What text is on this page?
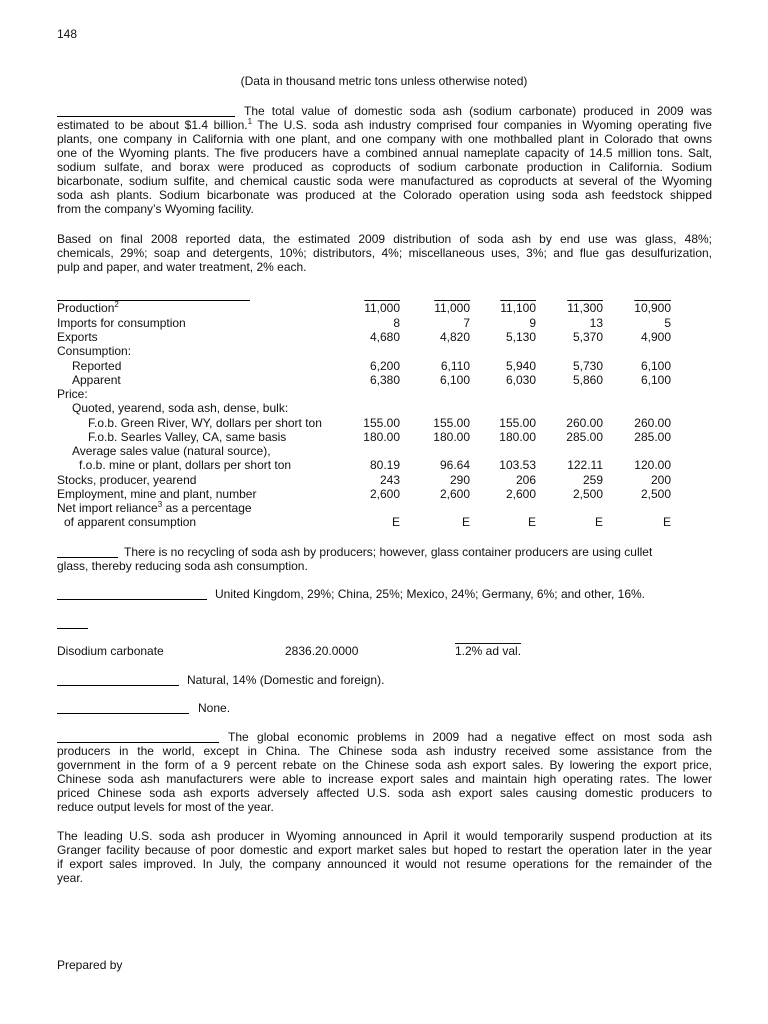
148
(Data in thousand metric tons unless otherwise noted)
The total value of domestic soda ash (sodium carbonate) produced in 2009 was
estimated to be about $1.4 billion.$^1$ The U.S. soda ash industry comprised four companies in Wyoming operating five
plants, one company in California with one plant, and one company with one mothballed plant in Colorado that owns
one of the Wyoming plants. The five producers have a combined annual nameplate capacity of 14.5 million tons. Salt,
sodium sulfate, and borax were produced as coproducts of sodium carbonate production in California. Sodium
bicarbonate, sodium sulfite, and chemical caustic soda were manufactured as coproducts at several of the Wyoming
soda ash plants. Sodium bicarbonate was produced at the Colorado operation using soda ash feedstock shipped
from the company’s Wyoming facility.
Based on final 2008 reported data, the estimated 2009 distribution of soda ash by end use was glass, 48%;
chemicals, 29%; soap and detergents, 10%; distributors, 4%; miscellaneous uses, 3%; and flue gas desulfurization,
pulp and paper, and water treatment, 2% each.
Production$^2$	11,000	11,000	11,100	11,300	10,900
Imports for consumption	8	7	9	13	5
Exports	4,680	4,820	5,130	5,370	4,900
Consumption:
Reported	6,200	6,110	5,940	5,730	6,100
Apparent	6,380	6,100	6,030	5,860	6,100
Price:
Quoted, yearend, soda ash, dense, bulk:
F.o.b. Green River, WY, dollars per short ton	155.00	155.00	155.00	260.00	260.00
F.o.b. Searles Valley, CA, same basis	180.00	180.00	180.00	285.00	285.00
Average sales value (natural source),
f.o.b. mine or plant, dollars per short ton	80.19	96.64	103.53	122.11	120.00
Stocks, producer, yearend	243	290	206	259	200
Employment, mine and plant, number	2,600	2,600	2,600	2,500	2,500
Net import reliance$^3$ as a percentage
of apparent consumption	E	E	E	E	E
There is no recycling of soda ash by producers; however, glass container producers are using cullet
glass, thereby reducing soda ash consumption.
United Kingdom, 29%; China, 25%; Mexico, 24%; Germany, 6%; and other, 16%.
Disodium carbonate	2836.20.0000	1.2% ad val.
Natural, 14% (Domestic and foreign).
None.
The global economic problems in 2009 had a negative effect on most soda ash
producers in the world, except in China. The Chinese soda ash industry received some assistance from the
government in the form of a 9 percent rebate on the Chinese soda ash export sales. By lowering the export price,
Chinese soda ash manufacturers were able to increase export sales and maintain high operating rates. The lower
priced Chinese soda ash exports adversely affected U.S. soda ash export sales causing domestic producers to
reduce output levels for most of the year.
The leading U.S. soda ash producer in Wyoming announced in April it would temporarily suspend production at its
Granger facility because of poor domestic and export market sales but hoped to restart the operation later in the year
if export sales improved. In July, the company announced it would not resume operations for the remainder of the
year.
Prepared by
